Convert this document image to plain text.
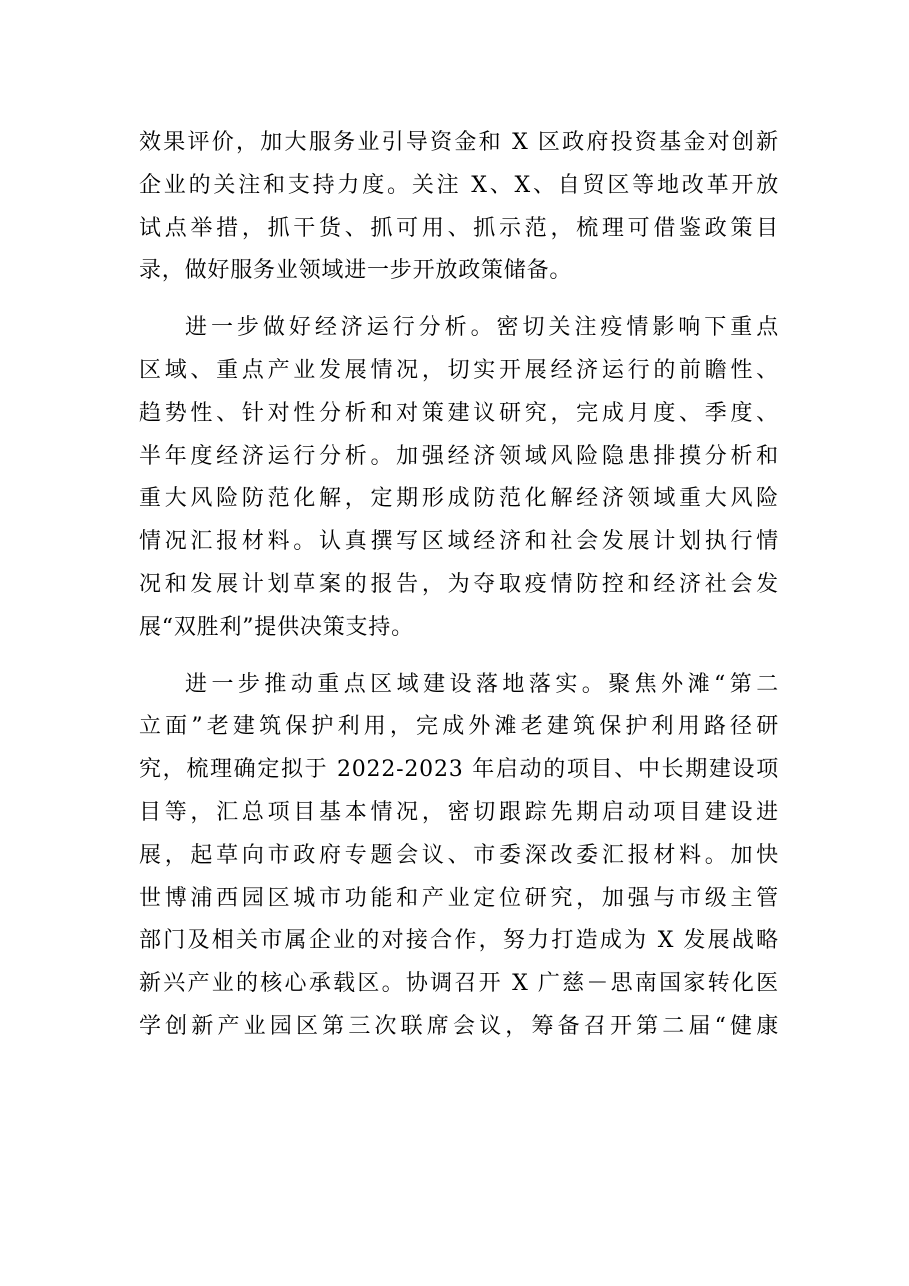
效果评价，加大服务业引导资金和 X 区政府投资基金对创新
企业的关注和支持力度。关注 X、X、自贸区等地改革开放
试点举措，抓干货、抓可用、抓示范，梳理可借鉴政策目
录，做好服务业领域进一步开放政策储备。
进一步做好经济运行分析。密切关注疫情影响下重点
区域、重点产业发展情况，切实开展经济运行的前瞻性、
趋势性、针对性分析和对策建议研究，完成月度、季度、
半年度经济运行分析。加强经济领域风险隐患排摸分析和
重大风险防范化解，定期形成防范化解经济领域重大风险
情况汇报材料。认真撰写区域经济和社会发展计划执行情
况和发展计划草案的报告，为夺取疫情防控和经济社会发
展“双胜利”提供决策支持。
进一步推动重点区域建设落地落实。聚焦外滩“第二
立面”老建筑保护利用，完成外滩老建筑保护利用路径研
究，梳理确定拟于 2022-2023 年启动的项目、中长期建设项
目等，汇总项目基本情况，密切跟踪先期启动项目建设进
展，起草向市政府专题会议、市委深改委汇报材料。加快
世博浦西园区城市功能和产业定位研究，加强与市级主管
部门及相关市属企业的对接合作，努力打造成为 X 发展战略
新兴产业的核心承载区。协调召开 X 广慈－思南国家转化医
学创新产业园区第三次联席会议，筹备召开第二届“健康
